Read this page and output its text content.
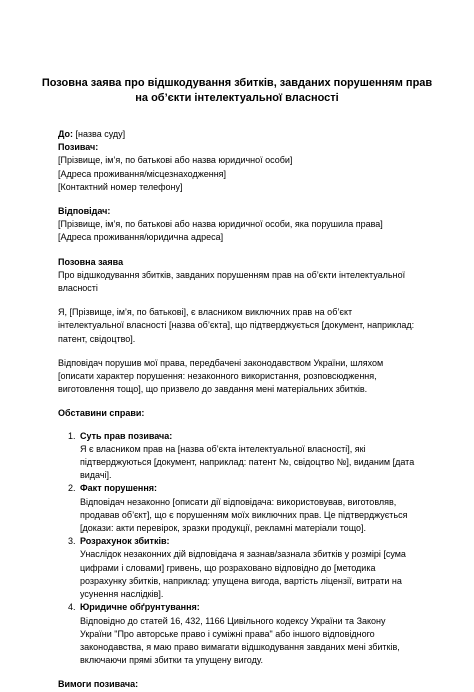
Позовна заява про відшкодування збитків, завданих порушенням прав на об’єкти інтелектуальної власності

До: [назва суду]

Позивач:

[Прізвище, ім’я, по батькові або назва юридичної особи]

[Адреса проживання/місцезнаходження]

[Контактний номер телефону]

Відповідач:

[Прізвище, ім’я, по батькові або назва юридичної особи, яка порушила права]

[Адреса проживання/юридична адреса]

Позовна заява

Про відшкодування збитків, завданих порушенням прав на об’єкти інтелектуальної власності

Я, [Прізвище, ім’я, по батькові], є власником виключних прав на об’єкт інтелектуальної власності [назва об’єкта], що підтверджується [документ, наприклад: патент, свідоцтво].

Відповідач порушив мої права, передбачені законодавством України, шляхом [описати характер порушення: незаконного використання, розповсюдження, виготовлення тощо], що призвело до завдання мені матеріальних збитків.

Обставини справи:

1. Суть прав позивача:

Я є власником прав на [назва об’єкта інтелектуальної власності], які підтверджуються [документ, наприклад: патент №, свідоцтво №], виданим [дата видачі].

2. Факт порушення:

Відповідач незаконно [описати дії відповідача: використовував, виготовляв, продавав об’єкт], що є порушенням моїх виключних прав. Це підтверджується [докази: акти перевірок, зразки продукції, рекламні матеріали тощо].

3. Розрахунок збитків:

Унаслідок незаконних дій відповідача я зазнав/зазнала збитків у розмірі [сума цифрами і словами] гривень, що розраховано відповідно до [методика розрахунку збитків, наприклад: упущена вигода, вартість ліцензії, витрати на усунення наслідків].

4. Юридичне обґрунтування:

Відповідно до статей 16, 432, 1166 Цивільного кодексу України та Закону України "Про авторське право і суміжні права" або іншого відповідного законодавства, я маю право вимагати відшкодування завданих мені збитків, включаючи прямі збитки та упущену вигоду.

Вимоги позивача:
